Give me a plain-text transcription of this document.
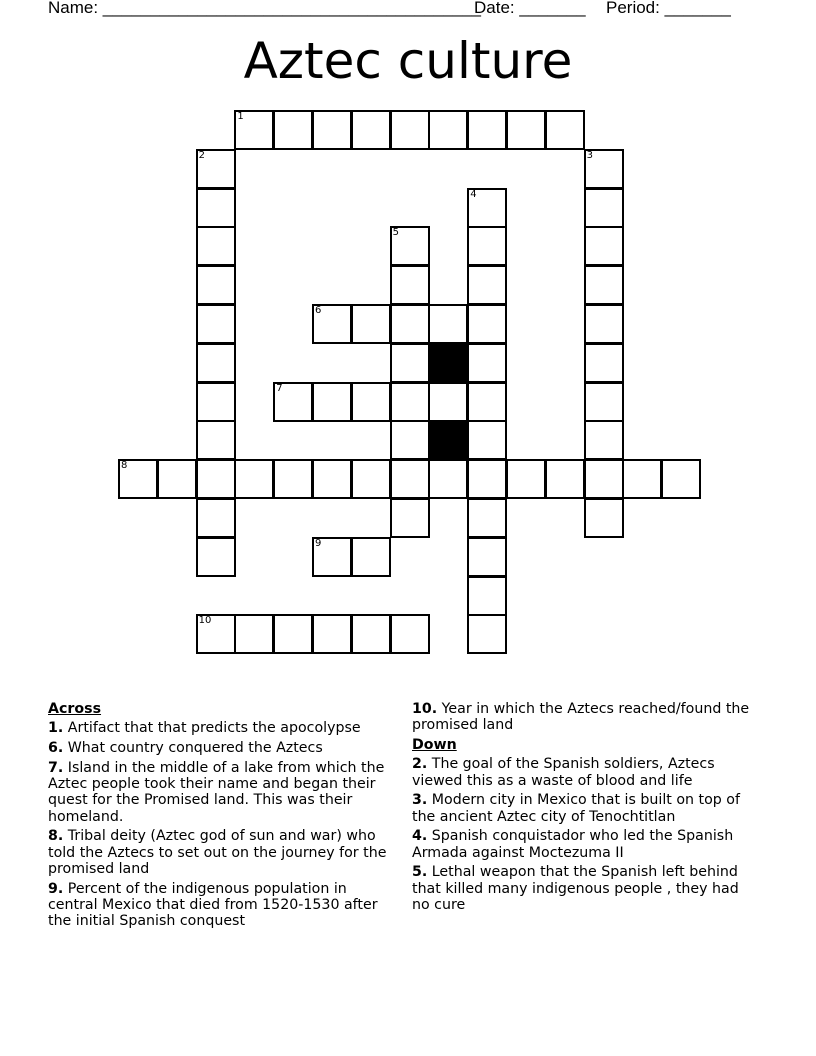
Name: ________________________________________
Date: _______ Period: _______
Aztec culture
1
2	3
4
5
6
7
8
9
10
Across
1. Artifact that that predicts the apocolypse
6. What country conquered the Aztecs
7. Island in the middle of a lake from which the Aztec people took their name and began their quest for the Promised land. This was their homeland.
8. Tribal deity (Aztec god of sun and war) who told the Aztecs to set out on the journey for the promised land
9. Percent of the indigenous population in central Mexico that died from 1520-1530 after the initial Spanish conquest
10. Year in which the Aztecs reached/found the promised land
Down
2. The goal of the Spanish soldiers, Aztecs viewed this as a waste of blood and life
3. Modern city in Mexico that is built on top of the ancient Aztec city of Tenochtitlan
4. Spanish conquistador who led the Spanish Armada against Moctezuma II
5. Lethal weapon that the Spanish left behind that killed many indigenous people , they had no cure
